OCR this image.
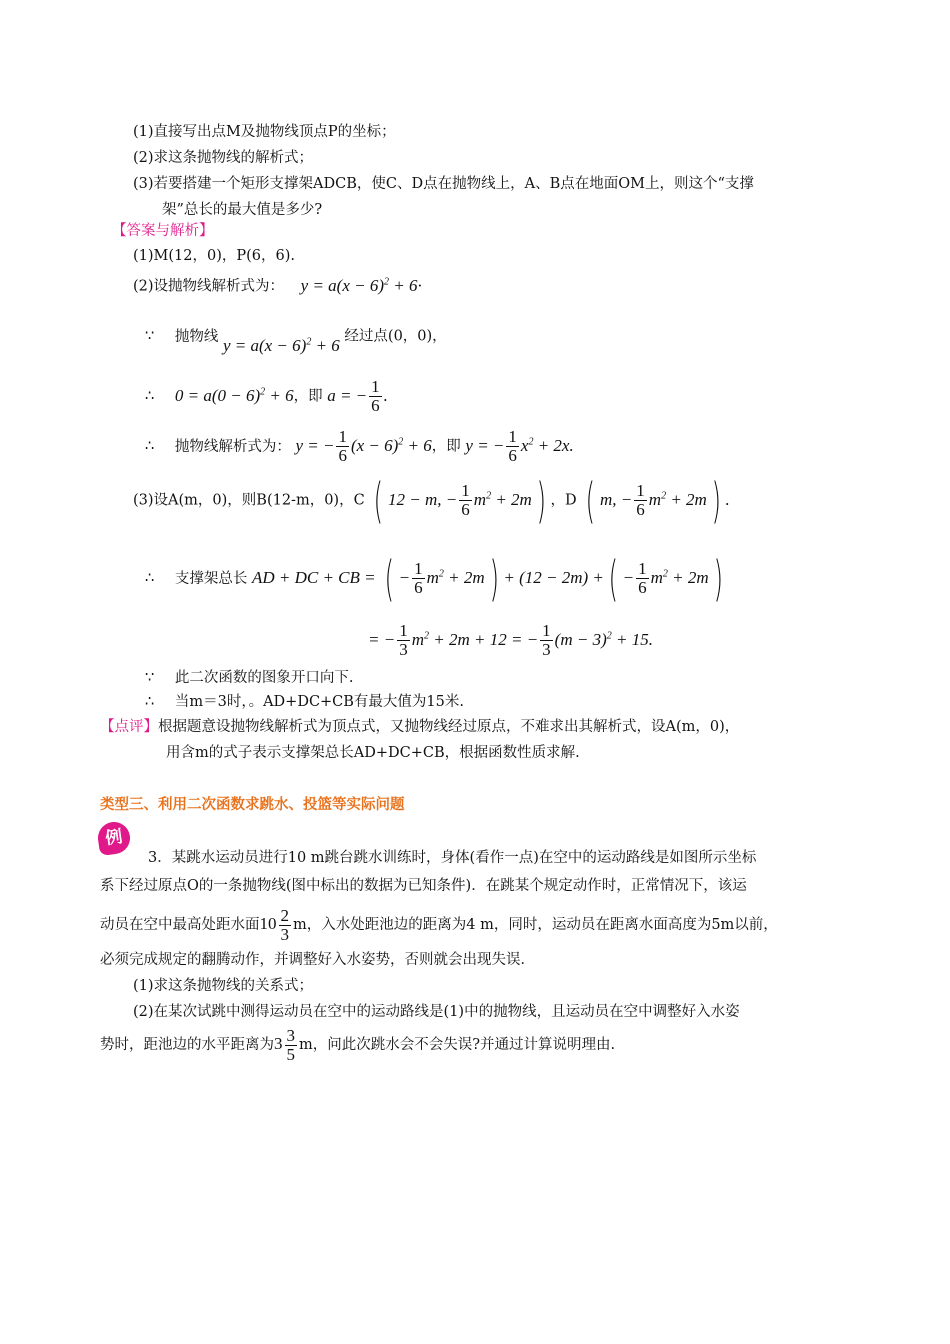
(1)直接写出点M及抛物线顶点P的坐标；
(2)求这条抛物线的解析式；
(3)若要搭建一个矩形支撑架ADCB，使C、D点在抛物线上，A、B点在地面OM上，则这个“支撑
架”总长的最大值是多少?
【答案与解析】
(1)M(12，0)，P(6，6).
(2)设抛物线解析式为： $y = a(x - 6)^2 + 6\cdot$
∵ 抛物线 $y = a(x - 6)^2 + 6$ 经过点(0，0)，
∴ $0 = a(0 - 6)^2 + 6$，即 a = − $\frac{1}{6}$ .
∴ 抛物线解析式为： y = − $\frac{1}{6} (x - 6)^2 + 6$，即 y = − $\frac{1}{6} x^2 + 2x$.
(3)设A(m，0)，则B(12-m，0)，C ( 12 − m, − $\frac{1}{6} m^2 + 2m$) ，D ( m, − $\frac{1}{6} m^2 + 2m$) .
∴ 支撑架总长 AD + DC + CB = ( − $\frac{1}{6} m^2 + 2m) + (12 - 2m)$ +( − $\frac{1}{6} m^2 + 2m$)
= − $\frac{1}{3} m^2 + 2m + 12$ = − $\frac{1}{3} (m - 3)^2 + 15$.
∵ 此二次函数的图象开口向下.
∴ 当m＝3时，。AD+DC+CB有最大值为15米.
【点评】根据题意设抛物线解析式为顶点式，又抛物线经过原点，不难求出其解析式，设A(m，0)，
用含m的式子表示支撑架总长AD+DC+CB，根据函数性质求解.
类型三、利用二次函数求跳水、投篮等实际问题
例
3．某跳水运动员进行10 m跳台跳水训练时，身体(看作一点)在空中的运动路线是如图所示坐标
系下经过原点O的一条抛物线(图中标出的数据为已知条件)．在跳某个规定动作时，正常情况下，该运
动员在空中最高处距水面$10 \frac{2}{3}$ m，入水处距池边的距离为4 m，同时，运动员在距离水面高度为5m以前，
必须完成规定的翻腾动作，并调整好入水姿势，否则就会出现失误．
(1)求这条抛物线的关系式；
(2)在某次试跳中测得运动员在空中的运动路线是(1)中的抛物线，且运动员在空中调整好入水姿
势时，距池边的水平距离为$3 \frac{3}{5}$ m，问此次跳水会不会失误?并通过计算说明理由.
